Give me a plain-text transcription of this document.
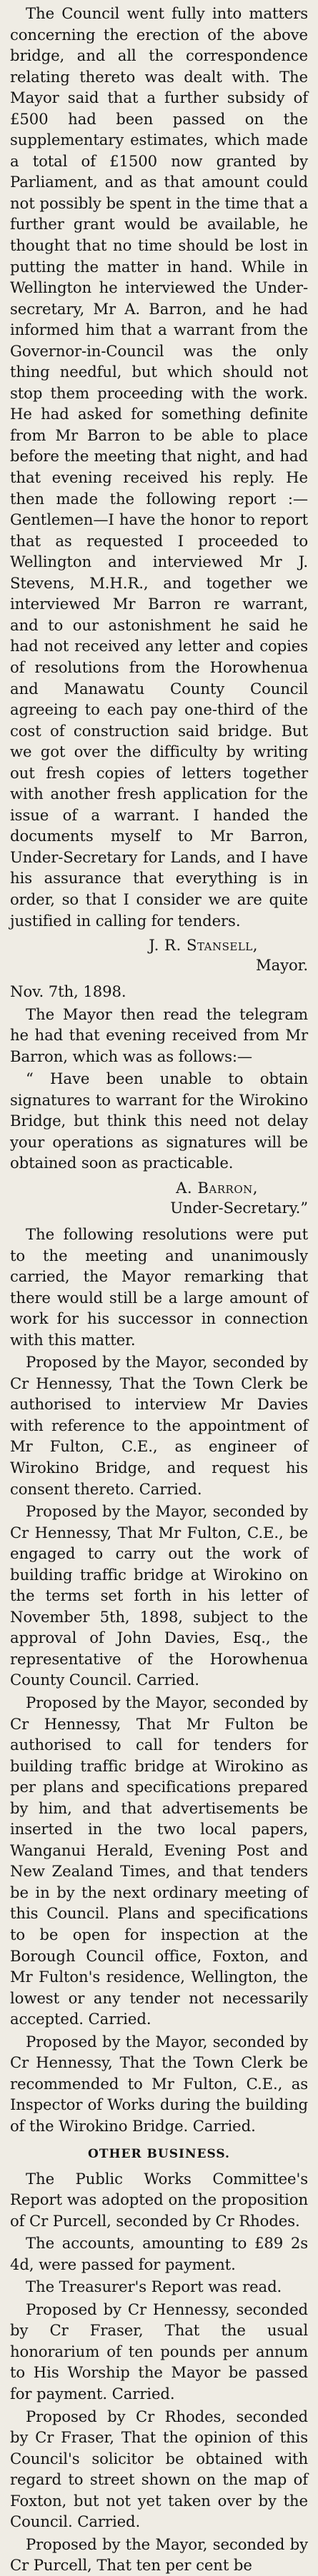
The Council went fully into matters concerning the erection of the above bridge, and all the correspondence relating thereto was dealt with. The Mayor said that a further subsidy of £500 had been passed on the supplementary estimates, which made a total of £1500 now granted by Parliament, and as that amount could not possibly be spent in the time that a further grant would be available, he thought that no time should be lost in putting the matter in hand. While in Wellington he interviewed the Under-secretary, Mr A. Barron, and he had informed him that a warrant from the Governor-in-Council was the only thing needful, but which should not stop them proceeding with the work. He had asked for something definite from Mr Barron to be able to place before the meeting that night, and had that evening received his reply. He then made the following report :— Gentlemen—I have the honor to report that as requested I proceeded to Wellington and interviewed Mr J. Stevens, M.H.R., and together we interviewed Mr Barron re warrant, and to our astonishment he said he had not received any letter and copies of resolutions from the Horowhenua and Manawatu County Council agreeing to each pay one-third of the cost of construction said bridge. But we got over the difficulty by writing out fresh copies of letters together with another fresh application for the issue of a warrant. I handed the documents myself to Mr Barron, Under-Secretary for Lands, and I have his assurance that everything is in order, so that I consider we are quite justified in calling for tenders.

J. R. Stansell,
Mayor.

Nov. 7th, 1898.

The Mayor then read the telegram he had that evening received from Mr Barron, which was as follows:—

“ Have been unable to obtain signatures to warrant for the Wirokino Bridge, but think this need not delay your operations as signatures will be obtained soon as practicable.

A. Barron,
Under-Secretary.”

The following resolutions were put to the meeting and unanimously carried, the Mayor remarking that there would still be a large amount of work for his successor in connection with this matter.

Proposed by the Mayor, seconded by Cr Hennessy, That the Town Clerk be authorised to interview Mr Davies with reference to the appointment of Mr Fulton, C.E., as engineer of Wirokino Bridge, and request his consent thereto. Carried.

Proposed by the Mayor, seconded by Cr Hennessy, That Mr Fulton, C.E., be engaged to carry out the work of building traffic bridge at Wirokino on the terms set forth in his letter of November 5th, 1898, subject to the approval of John Davies, Esq., the representative of the Horowhenua County Council. Carried.

Proposed by the Mayor, seconded by Cr Hennessy, That Mr Fulton be authorised to call for tenders for building traffic bridge at Wirokino as per plans and specifications prepared by him, and that advertisements be inserted in the two local papers, Wanganui Herald, Evening Post and New Zealand Times, and that tenders be in by the next ordinary meeting of this Council. Plans and specifications to be open for inspection at the Borough Council office, Foxton, and Mr Fulton's residence, Wellington, the lowest or any tender not necessarily accepted. Carried.

Proposed by the Mayor, seconded by Cr Hennessy, That the Town Clerk be recommended to Mr Fulton, C.E., as Inspector of Works during the building of the Wirokino Bridge. Carried.

OTHER BUSINESS.

The Public Works Committee's Report was adopted on the proposition of Cr Purcell, seconded by Cr Rhodes.

The accounts, amounting to £89 2s 4d, were passed for payment.

The Treasurer's Report was read.

Proposed by Cr Hennessy, seconded by Cr Fraser, That the usual honorarium of ten pounds per annum to His Worship the Mayor be passed for payment. Carried.

Proposed by Cr Rhodes, seconded by Cr Fraser, That the opinion of this Council's solicitor be obtained with regard to street shown on the map of Foxton, but not yet taken over by the Council. Carried.

Proposed by the Mayor, seconded by Cr Purcell, That ten per cent be
